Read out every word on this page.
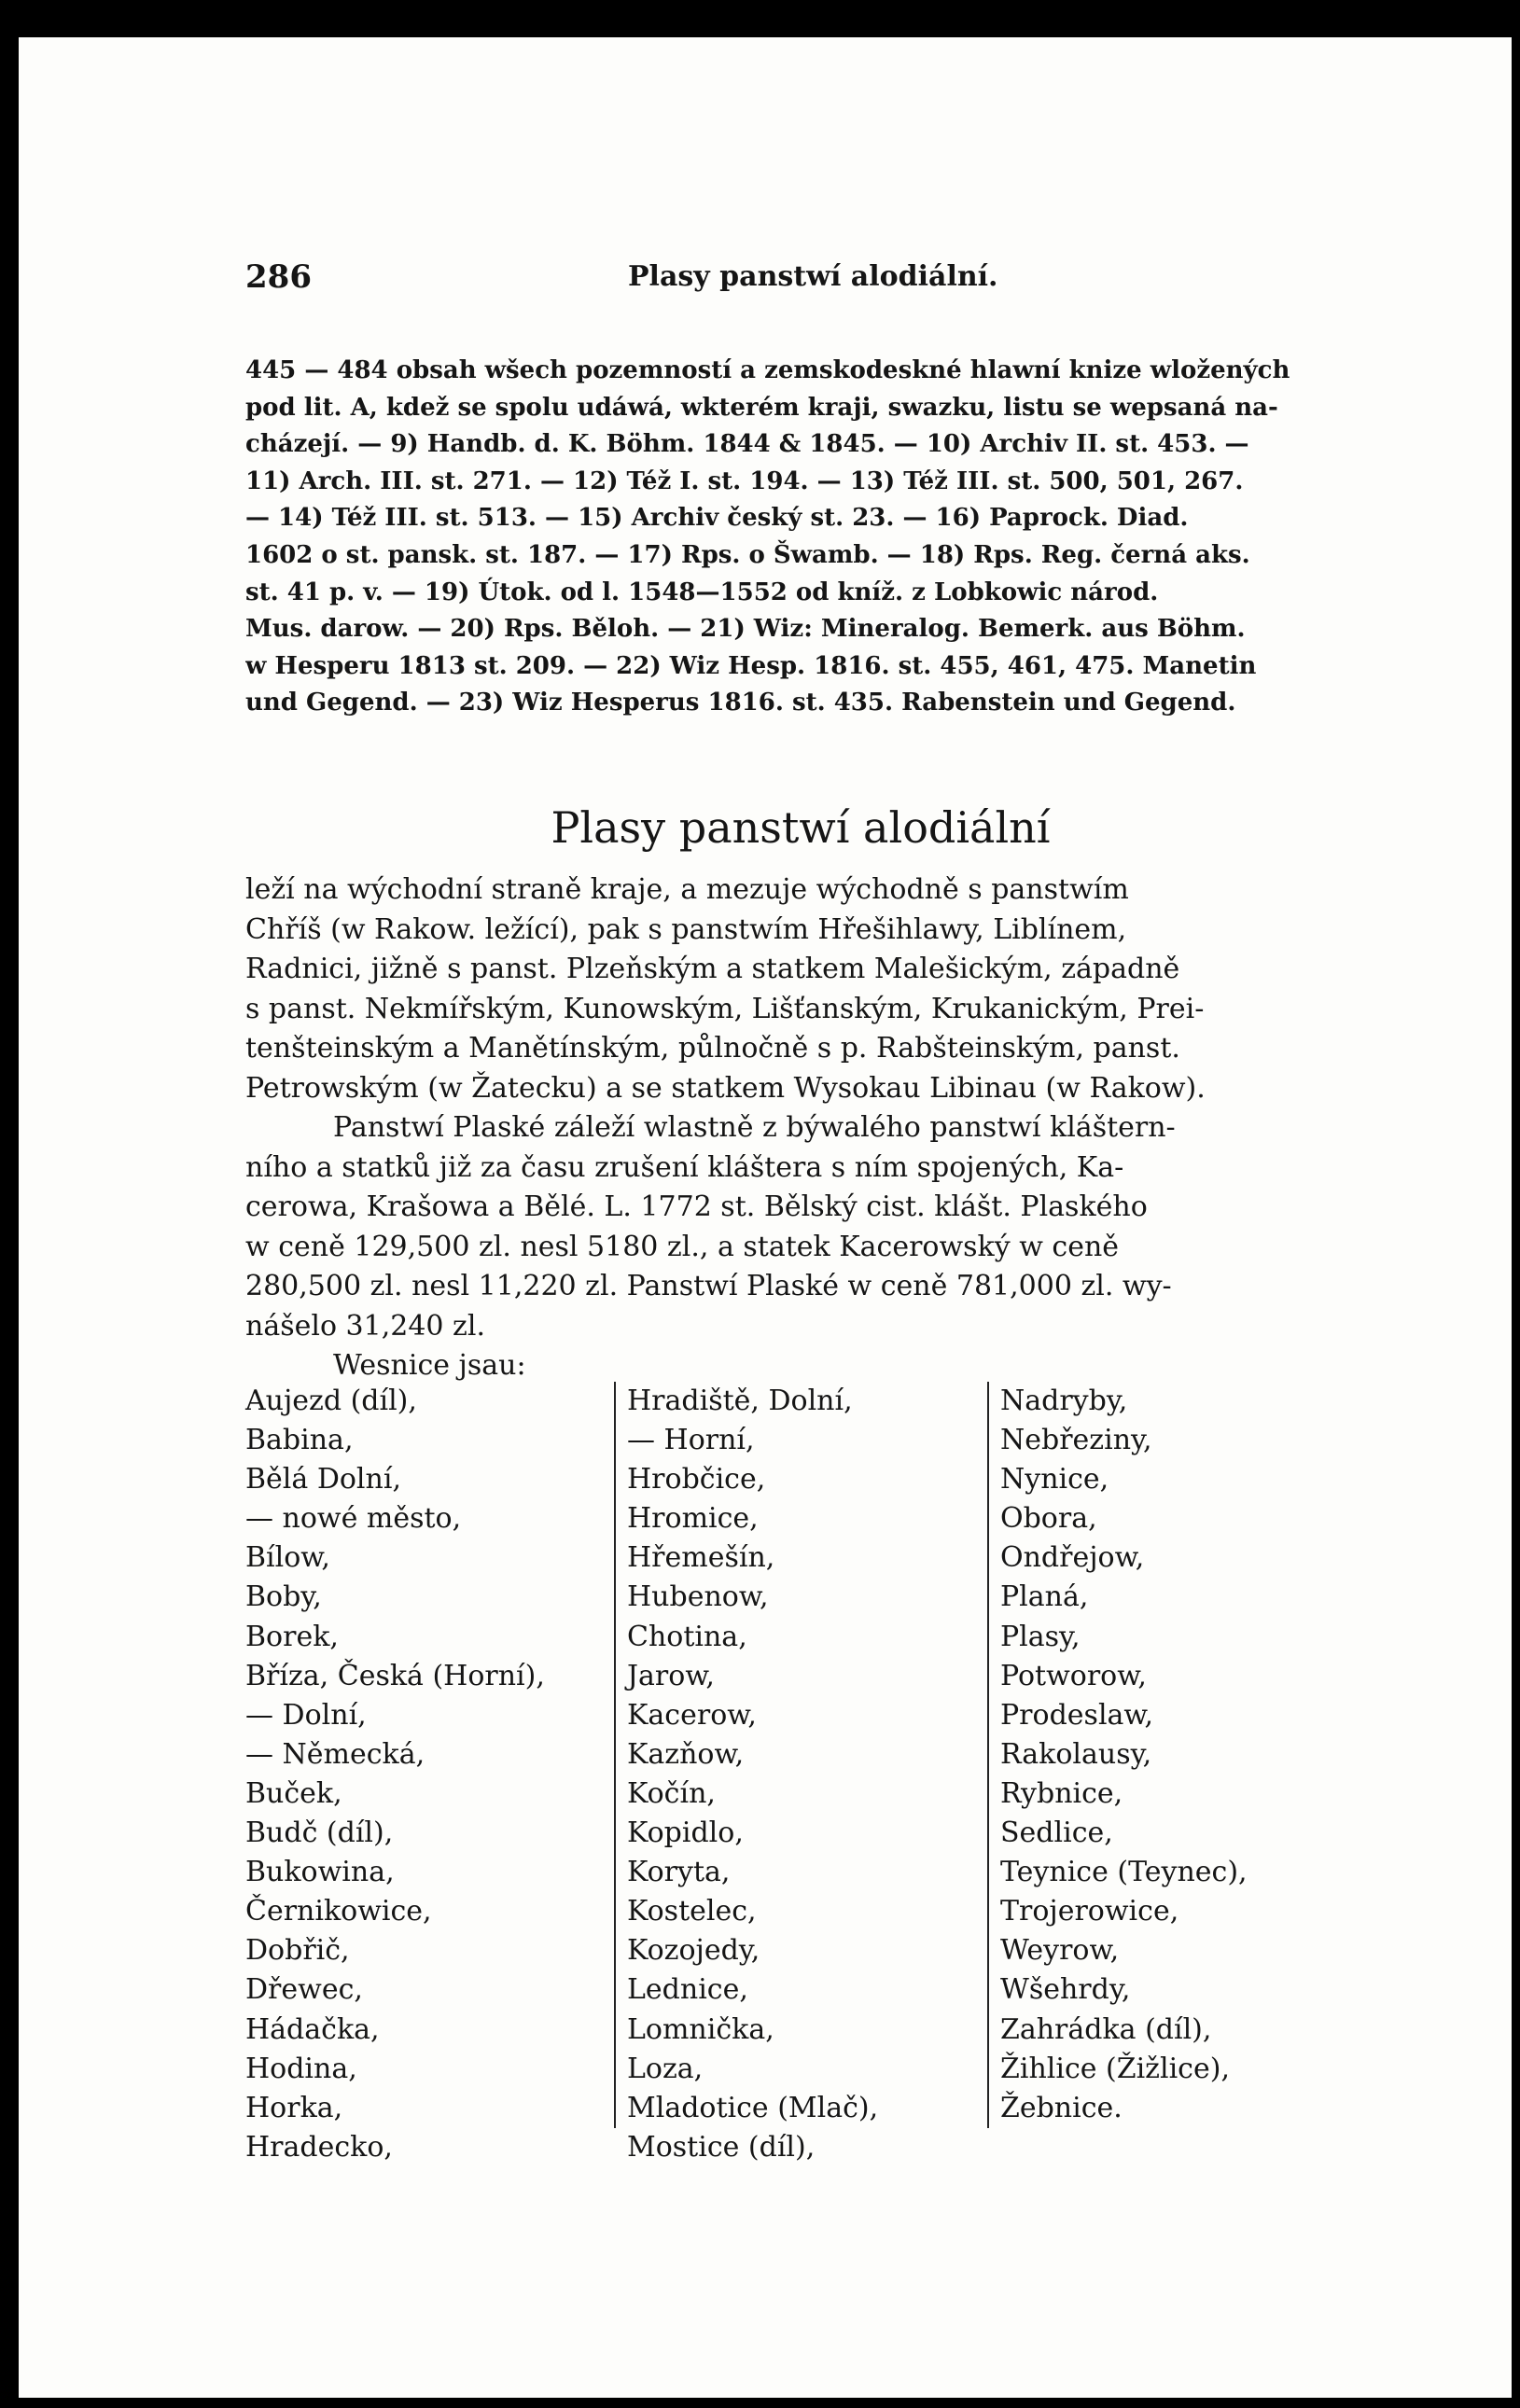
286	Plasy panstwí alodiální.
445 — 484 obsah wšech pozemností a zemskodeskné hlawní knize wložených
pod lit. A, kdež se spolu udáwá, wkterém kraji, swazku, listu se wepsaná na-
cházejí. — 9) Handb. d. K. Böhm. 1844 & 1845. — 10) Archiv II. st. 453. —
11) Arch. III. st. 271. — 12) Též I. st. 194. — 13) Též III. st. 500, 501, 267.
— 14) Též III. st. 513. — 15) Archiv český st. 23. — 16) Paprock. Diad.
1602 o st. pansk. st. 187. — 17) Rps. o Šwamb. — 18) Rps. Reg. černá aks.
st. 41 p. v. — 19) Útok. od l. 1548—1552 od kníž. z Lobkowic národ.
Mus. darow. — 20) Rps. Běloh. — 21) Wiz: Mineralog. Bemerk. aus Böhm.
w Hesperu 1813 st. 209. — 22) Wiz Hesp. 1816. st. 455, 461, 475. Manetin
und Gegend. — 23) Wiz Hesperus 1816. st. 435. Rabenstein und Gegend.
Plasy panstwí alodiální
leží na wýchodní straně kraje, a mezuje wýchodně s panstwím
Chříš (w Rakow. ležící), pak s panstwím Hřešihlawy, Liblínem,
Radnici, jižně s panst. Plzeňským a statkem Malešickým, západně
s panst. Nekmířským, Kunowským, Lišťanským, Krukanickým, Prei-
tenšteinským a Manětínským, půlnočně s p. Rabšteinským, panst.
Petrowským (w Žatecku) a se statkem Wysokau Libinau (w Rakow).
Panstwí Plaské záleží wlastně z býwalého panstwí kláštern-
ního a statků již za času zrušení kláštera s ním spojených, Ka-
cerowa, Krašowa a Bělé. L. 1772 st. Bělský cist. klášt. Plaského
w ceně 129,500 zl. nesl 5180 zl., a statek Kacerowský w ceně
280,500 zl. nesl 11,220 zl. Panstwí Plaské w ceně 781,000 zl. wy-
nášelo 31,240 zl.
Wesnice jsau:
Aujezd (díl),
Babina,
Bělá Dolní,
— nowé město,
Bílow,
Boby,
Borek,
Bříza, Česká (Horní),
— Dolní,
— Německá,
Buček,
Budč (díl),
Bukowina,
Černikowice,
Dobřič,
Dřewec,
Hádačka,
Hodina,
Horka,
Hradecko,
Hradiště, Dolní,
— Horní,
Hrobčice,
Hromice,
Hřemešín,
Hubenow,
Chotina,
Jarow,
Kacerow,
Kazňow,
Kočín,
Kopidlo,
Koryta,
Kostelec,
Kozojedy,
Lednice,
Lomnička,
Loza,
Mladotice (Mlač),
Mostice (díl),
Nadryby,
Nebřeziny,
Nynice,
Obora,
Ondřejow,
Planá,
Plasy,
Potworow,
Prodeslaw,
Rakolausy,
Rybnice,
Sedlice,
Teynice (Teynec),
Trojerowice,
Weyrow,
Wšehrdy,
Zahrádka (díl),
Žihlice (Žižlice),
Žebnice.
